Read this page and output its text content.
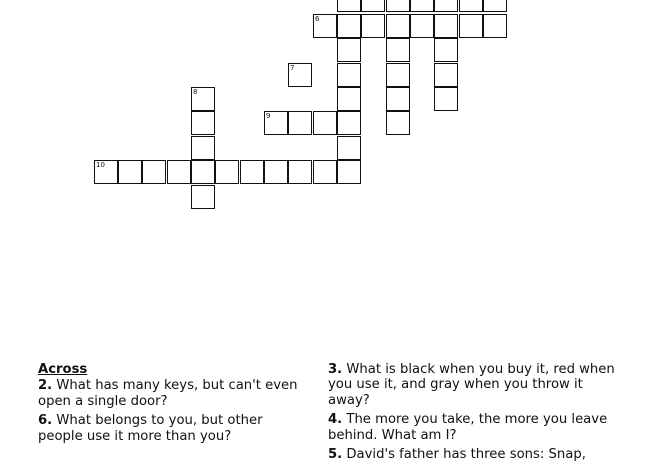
6
7
9
8
10
Across
2. What has many keys, but can't even open a single door?
6. What belongs to you, but other people use it more than you?
3. What is black when you buy it, red when you use it, and gray when you throw it away?
4. The more you take, the more you leave behind. What am I?
5. David's father has three sons: Snap,
